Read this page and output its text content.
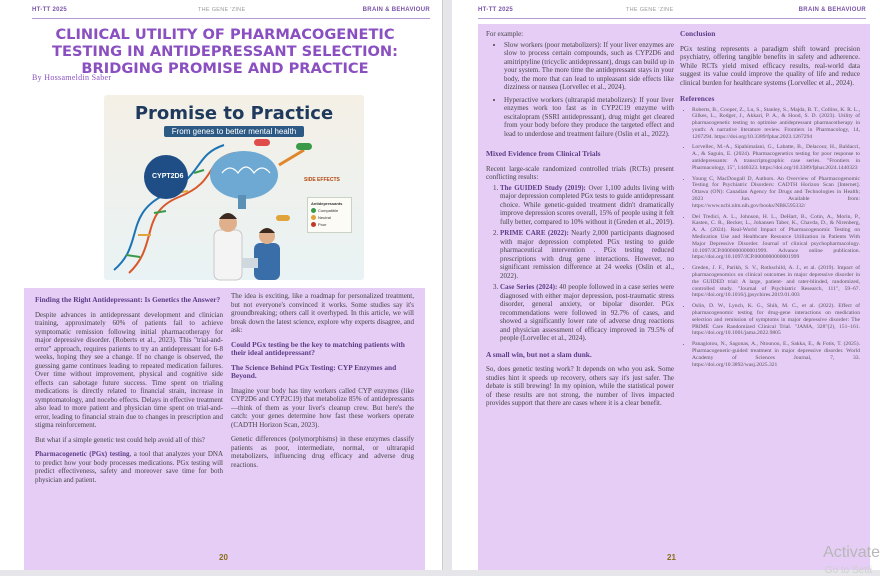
HT-TT 2025	THE GENE 'ZINE	BRAIN & BEHAVIOUR
CLINICAL UTILITY OF PHARMACOGENETIC TESTING IN ANTIDEPRESSANT SELECTION: BRIDGING PROMISE AND PRACTICE
By Hossameldin Saber
Promise to Practice
From genes to better mental health
CYPT2D6	SIDE EFFECTS
Antidepressants
Compatible
Neutral
Poor
Finding the Right Antidepressant: Is Genetics the Answer?

Despite advances in antidepressant development and clinician training, approximately 60% of patients fail to achieve symptomatic remission following initial pharmacotherapy for major depressive disorder. (Roberts et al., 2023). This "trial-and-error" approach, requires patients to try an antidepressant for 6-8 weeks, hoping they see a change. If no change is observed, the guessing game continues leading to repeated medication failures. Over time without improvement, physical and cognitive side effects can sabotage future success. Time spent on trialing medications is directly related to financial strain, increase in symptomatology, and nocebo effects. Delays in effective treatment also lead to more patient and physician time spent on trial-and-error, leading to financial strain due to changes in prescription and stigma reinforcement.

But what if a simple genetic test could help avoid all of this?

Pharmacogenetic (PGx) testing, a tool that analyzes your DNA to predict how your body processes medications. PGx testing will predict effectiveness, safety and moreover save time for both physician and patient.

The idea is exciting, like a roadmap for personalized treatment, but not everyone's convinced it works. Some studies say it's groundbreaking; others call it overhyped. In this article, we will break down the latest science, explore why experts disagree, and ask:

Could PGx testing be the key to matching patients with their ideal antidepressant?
The Science Behind PGx Testing: CYP Enzymes and Beyond.

Imagine your body has tiny workers called CYP enzymes (like CYP2D6 and CYP2C19) that metabolize 85% of antidepressants—think of them as your liver's cleanup crew. But here's the catch: your genes determine how fast these workers operate (CADTH Horizon Scan, 2023).

Genetic differences (polymorphisms) in these enzymes classify patients as poor, intermediate, normal, or ultrarapid metabolizers, influencing drug efficacy and adverse drug reactions.

20
HT-TT 2025	THE GENE 'ZINE	BRAIN & BEHAVIOUR

For example:

• Slow workers (poor metabolizers): If your liver enzymes are slow to process certain compounds, such as CYP2D6 and amitriptyline (tricyclic antidepressant), drugs can build up in your system. The more time the antidepressant stays in your body, the more that can lead to unpleasant side effects like dizziness or nausea (Lorvellec et al., 2024).
• Hyperactive workers (ultrarapid metabolizers): If your liver enzymes work too fast as in CYP2C19 enzyme with escitalopram (SSRI antidepressant), drug might get cleared from your body before they produce the targeted effect and lead to underdose and treatment failure (Oslin et al., 2022).
Mixed Evidence from Clinical Trials

Recent large-scale randomized controlled trials (RCTs) present conflicting results:

1. The GUIDED Study (2019): Over 1,100 adults living with major depression completed PGx tests to guide antidepressant choice. While genetic-guided treatment didn't dramatically improve depression scores overall, 15% of people using it felt fully better, compared to 10% without it (Greden et al., 2019).
2. PRIME CARE (2022): Nearly 2,000 participants diagnosed with major depression completed PGx testing to guide pharmaceutical intervention . PGx testing reduced prescriptions with drug gene interactions. However, no significant remission difference at 24 weeks (Oslin et al., 2022).
3. Case Series (2024): 40 people followed in a case series were diagnosed with either major depression, post-traumatic stress disorder, general anxiety, or bipolar disorder. PGx recommendations were followed in 92.7% of cases, and showed a significantly lower rate of adverse drug reactions and physician assessment of efficacy improved in 79.5% of people (Lorvellec et al., 2024).
A small win, but not a slam dunk.

So, does genetic testing work? It depends on who you ask. Some studies hint it speeds up recovery, others say it's just safer. The debate is still brewing! In my opinion, while the statistical power of these results are not strong, the number of lives impacted provides support that there are cases where it is a clear benefit.

Conclusion

PGx testing represents a paradigm shift toward precision psychiatry, offering tangible benefits in safety and adherence. While RCTs yield mixed efficacy results, real-world data suggest its value could improve the quality of life and reduce clinical burden for healthcare systems (Lorvellec et al., 2024).

References
• Roberts, B., Cooper, Z., Lu, S., Stanley, S., Majda, B. T., Collins, K. R. L., Gilkes, L., Rodger, J., Akkari, P. A., & Hood, S. D. (2023). Utility of pharmacogenetic testing to optimise antidepressant pharmacotherapy in youth: A narrative literature review. Frontiers in Pharmacology, 14, 1267294. https://doi.org/10.3389/fphar.2023.1267294
• Lorvellec, M.-A., Sipahimalani, G., Labatte, B., Delacour, H., Baldacci, A., & Saguin, E. (2024). Pharmacogenetics testing for poor response to antidepressants: A transcriptographic case series. "Frontiers in Pharmacology, 15", 1440323. https://doi.org/10.3389/fphar.2024.1440323
• Young C, MacDougall D, Authors. An Overview of Pharmacogenomic Testing for Psychiatric Disorders: CADTH Horizon Scan [Internet]. Ottawa (ON): Canadian Agency for Drugs and Technologies in Health; 2023 Jun. Available from: https://www.ncbi.nlm.nih.gov/books/NBK595332/
• Del Tredici, A. L., Johnson, H. L., DeHart, B., Cotin, A., Morin, P., Kasten, C. R., Becker, L., Johansen Taber, K., Chavda, D., & Nirenberg, A. A. (2024). Real-World Impact of Pharmacogenomic Testing on Medication Use and Healthcare Resource Utilization in Patients With Major Depressive Disorder. Journal of clinical psychopharmacology. 10.1097/JCP.0000000000001999. Advance online publication. https://doi.org/10.1097/JCP.0000000000001999
• Greden, J. F., Parikh, S. V., Rothschild, A. J., et al. (2019). Impact of pharmacogenomics on clinical outcomes in major depressive disorder in the GUIDED trial: A large, patient- and rater-blinded, randomized, controlled study. "Journal of Psychiatric Research, 111", 59–67. https://doi.org/10.1016/j.jpsychires.2019.01.003
• Oslin, D. W., Lynch, K. G., Shih, M. C., et al. (2022). Effect of pharmacogenomic testing for drug-gene interactions on medication selection and remission of symptoms in major depressive disorder: The PRIME Care Randomized Clinical Trial. "JAMA, 328"(2), 151–161. https://doi.org/10.1001/jama.2022.9805
• Panagiotou, N., Sagonas, A., Ntounou, E., Sakka, E., & Fotis, T. (2025). Pharmacogenetic-guided treatment in major depressive disorder. World Academy of Sciences Journal, 7, 33. https://doi.org/10.3892/wasj.2025.321
21	Activate
Go to Setti
